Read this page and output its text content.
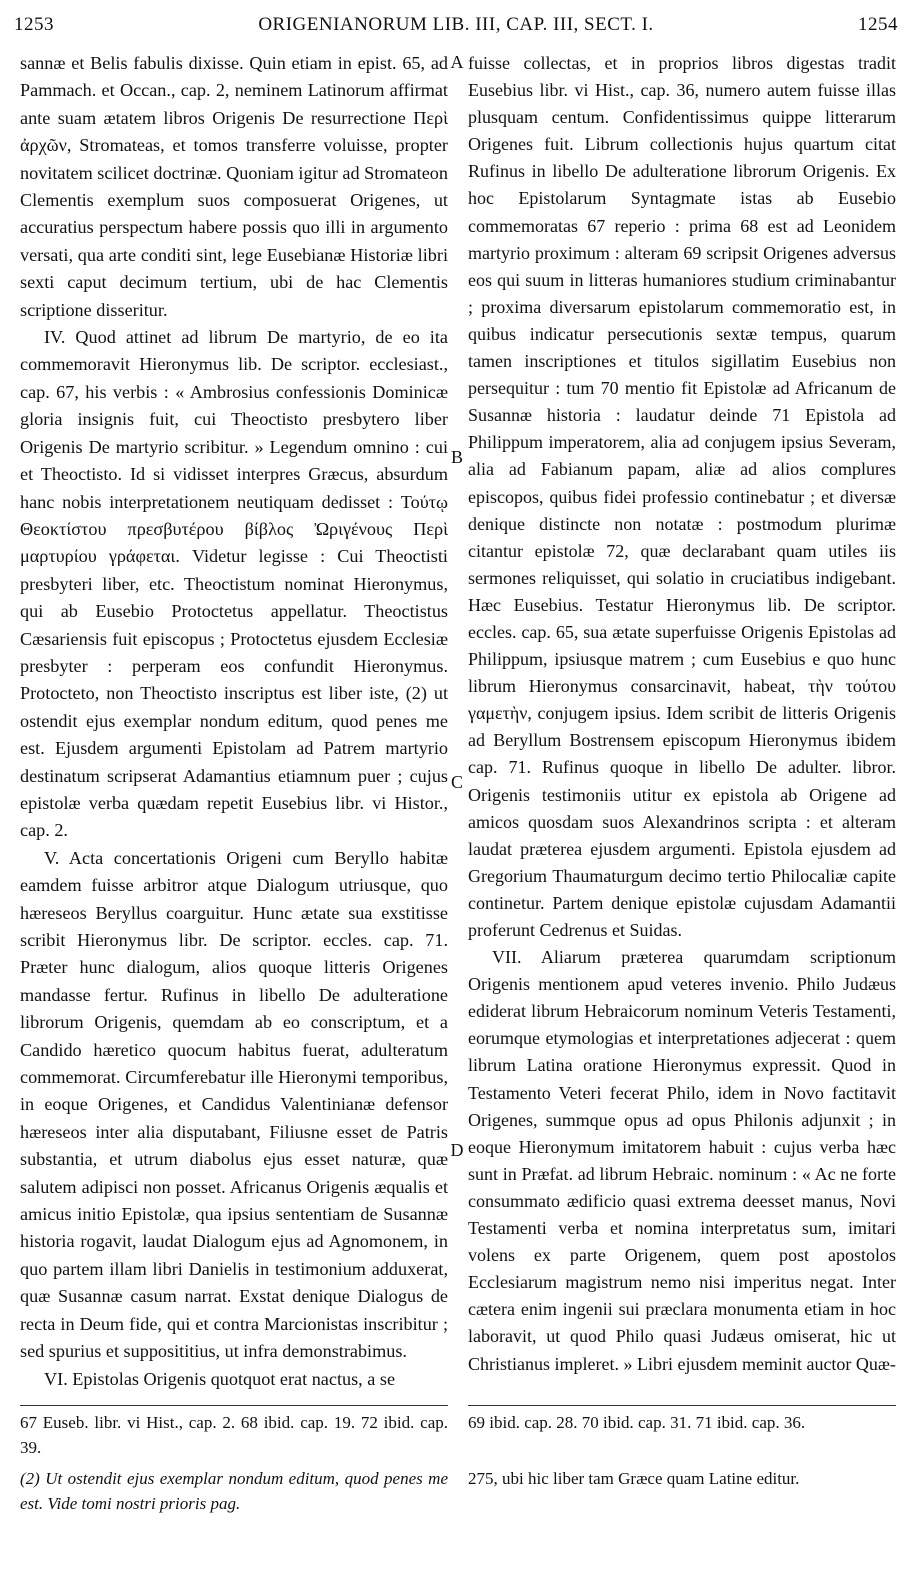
1253	ORIGENIANORUM LIB. III, CAP. III, SECT. I.	1254

sannæ et Belis fabulis dixisse. Quin etiam in epist. 65, ad Pammach. et Occan., cap. 2, neminem Latinorum affirmat ante suam ætatem libros Origenis De resurrectione Περὶ ἀρχῶν, Stromateas, et tomos transferre voluisse, propter novitatem scilicet doctrinæ. Quoniam igitur ad Stromateon Clementis exemplum suos composuerat Origenes, ut accuratius perspectum habere possis quo illi in argumento versati, qua arte conditi sint, lege Eusebianæ Historiæ libri sexti caput decimum tertium, ubi de hac Clementis scriptione disseritur.

IV. Quod attinet ad librum De martyrio, de eo ita commemoravit Hieronymus lib. De scriptor. ecclesiast., cap. 67, his verbis : « Ambrosius confessionis Dominicæ gloria insignis fuit, cui Theoctisto presbytero liber Origenis De martyrio scribitur. » Legendum omnino : cui et Theoctisto. Id si vidisset interpres Græcus, absurdum hanc nobis interpretationem neutiquam dedisset : Τούτῳ Θεοκτίστου πρεσβυτέρου βίβλος Ὠριγένους Περὶ μαρτυρίου γράφεται. Videtur legisse : Cui Theoctisti presbyteri liber, etc. Theoctistum nominat Hieronymus, qui ab Eusebio Protoctetus appellatur. Theoctistus Cæsariensis fuit episcopus ; Protoctetus ejusdem Ecclesiæ presbyter : perperam eos confundit Hieronymus. Protocteto, non Theoctisto inscriptus est liber iste, (2) ut ostendit ejus exemplar nondum editum, quod penes me est. Ejusdem argumenti Epistolam ad Patrem martyrio destinatum scripserat Adamantius etiamnum puer ; cujus epistolæ verba quædam repetit Eusebius libr. vi Histor., cap. 2.

V. Acta concertationis Origeni cum Beryllo habitæ eamdem fuisse arbitror atque Dialogum utriusque, quo hæreseos Beryllus coarguitur. Hunc ætate sua exstitisse scribit Hieronymus libr. De scriptor. eccles. cap. 71. Præter hunc dialogum, alios quoque litteris Origenes mandasse fertur. Rufinus in libello De adulteratione librorum Origenis, quemdam ab eo conscriptum, et a Candido hæretico quocum habitus fuerat, adulteratum commemorat. Circumferebatur ille Hieronymi temporibus, in eoque Origenes, et Candidus Valentinianæ defensor hæreseos inter alia disputabant, Filiusne esset de Patris substantia, et utrum diabolus ejus esset naturæ, quæ salutem adipisci non posset. Africanus Origenis æqualis et amicus initio Epistolæ, qua ipsius sententiam de Susannæ historia rogavit, laudat Dialogum ejus ad Agnomonem, in quo partem illam libri Danielis in testimonium adduxerat, quæ Susannæ casum narrat. Exstat denique Dialogus de recta in Deum fide, qui et contra Marcionistas inscribitur ; sed spurius et supposititius, ut infra demonstrabimus.

VI. Epistolas Origenis quotquot erat nactus, a se

A
B
C
D

fuisse collectas, et in proprios libros digestas tradit Eusebius libr. vi Hist., cap. 36, numero autem fuisse illas plusquam centum. Confidentissimus quippe litterarum Origenes fuit. Librum collectionis hujus quartum citat Rufinus in libello De adulteratione librorum Origenis. Ex hoc Epistolarum Syntagmate istas ab Eusebio commemoratas 67 reperio : prima 68 est ad Leonidem martyrio proximum : alteram 69 scripsit Origenes adversus eos qui suum in litteras humaniores studium criminabantur ; proxima diversarum epistolarum commemoratio est, in quibus indicatur persecutionis sextæ tempus, quarum tamen inscriptiones et titulos sigillatim Eusebius non persequitur : tum 70 mentio fit Epistolæ ad Africanum de Susannæ historia : laudatur deinde 71 Epistola ad Philippum imperatorem, alia ad conjugem ipsius Severam, alia ad Fabianum papam, aliæ ad alios complures episcopos, quibus fidei professio continebatur ; et diversæ denique distincte non notatæ : postmodum plurimæ citantur epistolæ 72, quæ declarabant quam utiles iis sermones reliquisset, qui solatio in cruciatibus indigebant. Hæc Eusebius. Testatur Hieronymus lib. De scriptor. eccles. cap. 65, sua ætate superfuisse Origenis Epistolas ad Philippum, ipsiusque matrem ; cum Eusebius e quo hunc librum Hieronymus consarcinavit, habeat, τὴν τούτου γαμετὴν, conjugem ipsius. Idem scribit de litteris Origenis ad Beryllum Bostrensem episcopum Hieronymus ibidem cap. 71. Rufinus quoque in libello De adulter. libror. Origenis testimoniis utitur ex epistola ab Origene ad amicos quosdam suos Alexandrinos scripta : et alteram laudat præterea ejusdem argumenti. Epistola ejusdem ad Gregorium Thaumaturgum decimo tertio Philocaliæ capite continetur. Partem denique epistolæ cujusdam Adamantii proferunt Cedrenus et Suidas.

VII. Aliarum præterea quarumdam scriptionum Origenis mentionem apud veteres invenio. Philo Judæus ediderat librum Hebraicorum nominum Veteris Testamenti, eorumque etymologias et interpretationes adjecerat : quem librum Latina oratione Hieronymus expressit. Quod in Testamento Veteri fecerat Philo, idem in Novo factitavit Origenes, summque opus ad opus Philonis adjunxit ; in eoque Hieronymum imitatorem habuit : cujus verba hæc sunt in Præfat. ad librum Hebraic. nominum : « Ac ne forte consummato ædificio quasi extrema deesset manus, Novi Testamenti verba et nomina interpretatus sum, imitari volens ex parte Origenem, quem post apostolos Ecclesiarum magistrum nemo nisi imperitus negat. Inter cætera enim ingenii sui præclara monumenta etiam in hoc laboravit, ut quod Philo quasi Judæus omiserat, hic ut Christianus impleret. » Libri ejusdem meminit auctor Quæ-

67 Euseb. libr. vi Hist., cap. 2. 68 ibid. cap. 19. 72 ibid. cap. 39.
(2) Ut ostendit ejus exemplar nondum editum, quod penes me est. Vide tomi nostri prioris pag.
69 ibid. cap. 28. 70 ibid. cap. 31. 71 ibid. cap. 36.
275, ubi hic liber tam Græce quam Latine editur.
